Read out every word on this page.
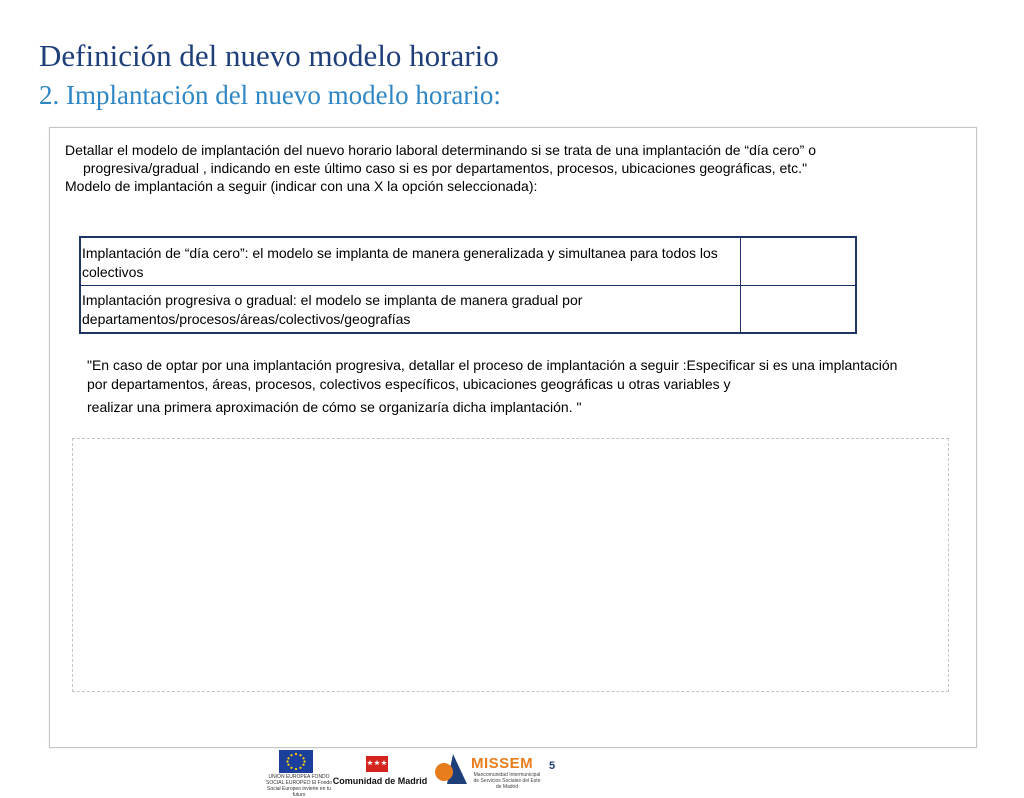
Definición del nuevo modelo horario
2. Implantación del nuevo modelo horario:
Detallar el modelo de implantación del nuevo horario laboral determinando si se trata de una implantación de “día cero” o progresiva/gradual , indicando en este último caso si es por departamentos, procesos, ubicaciones geográficas, etc."
Modelo de implantación a seguir (indicar con una X la opción seleccionada):
Implantación de “día cero”: el modelo se implanta de manera generalizada y simultanea para todos los colectivos
Implantación progresiva o gradual: el modelo se implanta de manera gradual por departamentos/procesos/áreas/colectivos/geografías
"En caso de optar por una implantación progresiva, detallar el proceso de implantación a seguir :Especificar si es una implantación por departamentos, áreas, procesos, colectivos específicos, ubicaciones geográficas u otras variables y
realizar una primera aproximación de cómo se organizaría dicha implantación. "
UNIÓN EUROPEA FONDO SOCIAL EUROPEO El Fondo Social Europeo invierte en tu futuro
Comunidad de Madrid
MISSEM
Mancomunidad Intermunicipal de Servicios Sociales del Este de Madrid
5
